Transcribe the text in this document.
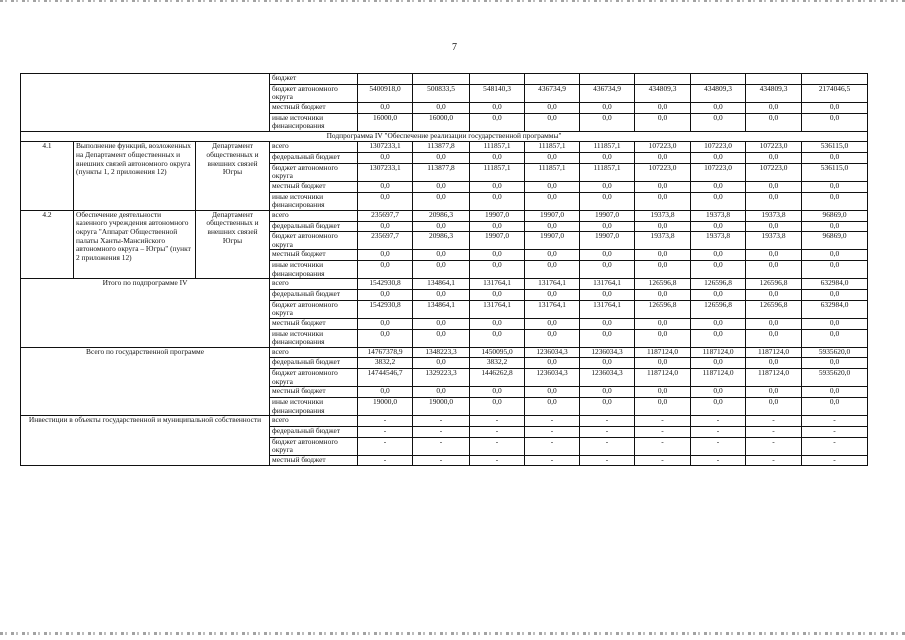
7
			бюджет									
			бюджет автономного округа	5400918,0	500833,5	548140,3	436734,9	436734,9	434809,3	434809,3	434809,3	2174046,5
			местный бюджет	0,0	0,0	0,0	0,0	0,0	0,0	0,0	0,0	0,0
			иные источники финансирования	16000,0	16000,0	0,0	0,0	0,0	0,0	0,0	0,0	0,0
Подпрограмма IV "Обеспечение реализации государственной программы"												
4.1	Выполнение функций, возложенных на Департамент общественных и внешних связей автономного округа (пункты 1, 2 приложения 12)	Департамент общественных и внешних связей Югры	всего	1307233,1	113877,8	111857,1	111857,1	111857,1	107223,0	107223,0	107223,0	536115,0
			федеральный бюджет	0,0	0,0	0,0	0,0	0,0	0,0	0,0	0,0	0,0
			бюджет автономного округа	1307233,1	113877,8	111857,1	111857,1	111857,1	107223,0	107223,0	107223,0	536115,0
			местный бюджет	0,0	0,0	0,0	0,0	0,0	0,0	0,0	0,0	0,0
			иные источники финансирования	0,0	0,0	0,0	0,0	0,0	0,0	0,0	0,0	0,0
4.2	Обеспечение деятельности казенного учреждения автономного округа "Аппарат Общественной палаты Ханты-Мансийского автономного округа – Югры" (пункт 2 приложения 12)	Департамент общественных и внешних связей Югры	всего	235697,7	20986,3	19907,0	19907,0	19907,0	19373,8	19373,8	19373,8	96869,0
			федеральный бюджет	0,0	0,0	0,0	0,0	0,0	0,0	0,0	0,0	0,0
			бюджет автономного округа	235697,7	20986,3	19907,0	19907,0	19907,0	19373,8	19373,8	19373,8	96869,0
			местный бюджет	0,0	0,0	0,0	0,0	0,0	0,0	0,0	0,0	0,0
			иные источники финансирования	0,0	0,0	0,0	0,0	0,0	0,0	0,0	0,0	0,0
Итого по подпрограмме IV			всего	1542930,8	134864,1	131764,1	131764,1	131764,1	126596,8	126596,8	126596,8	632984,0
			федеральный бюджет	0,0	0,0	0,0	0,0	0,0	0,0	0,0	0,0	0,0
			бюджет автономного округа	1542930,8	134864,1	131764,1	131764,1	131764,1	126596,8	126596,8	126596,8	632984,0
			местный бюджет	0,0	0,0	0,0	0,0	0,0	0,0	0,0	0,0	0,0
			иные источники финансирования	0,0	0,0	0,0	0,0	0,0	0,0	0,0	0,0	0,0
Всего по государственной программе			всего	14767378,9	1348223,3	1450095,0	1236034,3	1236034,3	1187124,0	1187124,0	1187124,0	5935620,0
			федеральный бюджет	3832,2	0,0	3832,2	0,0	0,0	0,0	0,0	0,0	0,0
			бюджет автономного округа	14744546,7	1329223,3	1446262,8	1236034,3	1236034,3	1187124,0	1187124,0	1187124,0	5935620,0
			местный бюджет	0,0	0,0	0,0	0,0	0,0	0,0	0,0	0,0	0,0
			иные источники финансирования	19000,0	19000,0	0,0	0,0	0,0	0,0	0,0	0,0	0,0
Инвестиции в объекты государственной и муниципальной собственности			всего	-	-	-	-	-	-	-	-	-
			федеральный бюджет	-	-	-	-	-	-	-	-	-
			бюджет автономного округа	-	-	-	-	-	-	-	-	-
			местный бюджет	-	-	-	-	-	-	-	-	-
